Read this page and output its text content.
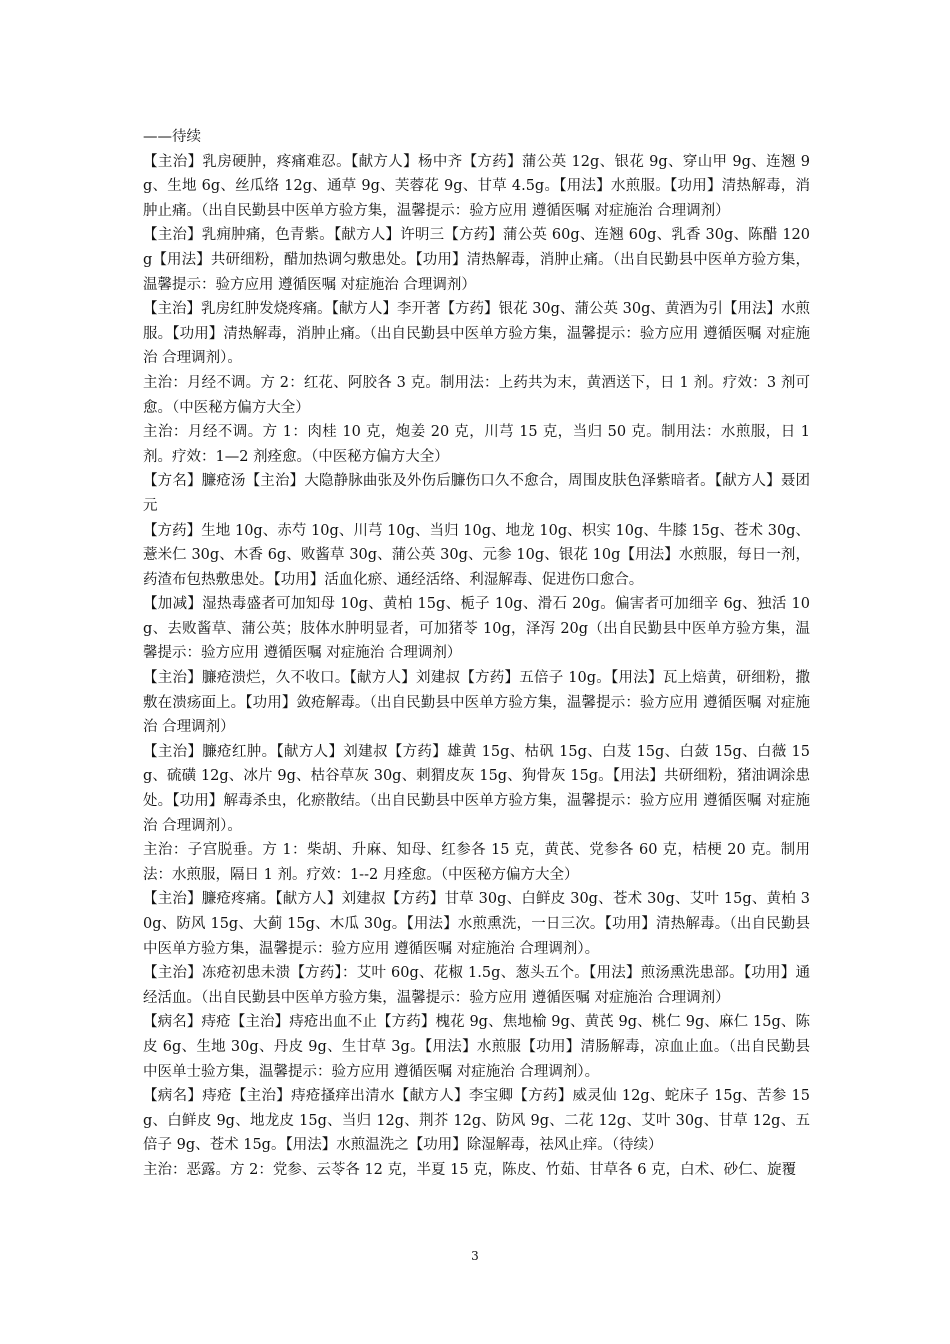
——待续

【主治】乳房硬肿，疼痛难忍。【献方人】杨中齐【方药】蒲公英 12g、银花 9g、穿山甲 9g、连翘 9g、生地 6g、丝瓜络 12g、通草 9g、芙蓉花 9g、甘草 4.5g。【用法】水煎服。【功用】清热解毒，消肿止痛。（出自民勤县中医单方验方集，温馨提示：验方应用 遵循医嘱 对症施治 合理调剂）

【主治】乳痈肿痛，色青紫。【献方人】许明三【方药】蒲公英 60g、连翘 60g、乳香 30g、陈醋 120g【用法】共研细粉，醋加热调匀敷患处。【功用】清热解毒，消肿止痛。（出自民勤县中医单方验方集，温馨提示：验方应用 遵循医嘱 对症施治 合理调剂）

【主治】乳房红肿发烧疼痛。【献方人】李开著【方药】银花 30g、蒲公英 30g、黄酒为引【用法】水煎服。【功用】清热解毒，消肿止痛。（出自民勤县中医单方验方集，温馨提示：验方应用 遵循医嘱 对症施治 合理调剂）。

主治：月经不调。方 2：红花、阿胶各 3 克。制用法：上药共为末，黄酒送下，日 1 剂。疗效：3 剂可愈。（中医秘方偏方大全）

主治：月经不调。方 1：肉桂 10 克，炮姜 20 克，川芎 15 克，当归 50 克。制用法：水煎服，日 1 剂。疗效：1—2 剂痊愈。（中医秘方偏方大全）

【方名】臁疮汤【主治】大隐静脉曲张及外伤后臁伤口久不愈合，周围皮肤色泽紫暗者。【献方人】聂团元

【方药】生地 10g、赤芍 10g、川芎 10g、当归 10g、地龙 10g、枳实 10g、牛膝 15g、苍术 30g、薏米仁 30g、木香 6g、败酱草 30g、蒲公英 30g、元参 10g、银花 10g【用法】水煎服，每日一剂，药渣布包热敷患处。【功用】活血化瘀、通经活络、利湿解毒、促进伤口愈合。

【加减】湿热毒盛者可加知母 10g、黄柏 15g、栀子 10g、滑石 20g。偏害者可加细辛 6g、独活 10g、去败酱草、蒲公英；肢体水肿明显者，可加猪苓 10g，泽泻 20g（出自民勤县中医单方验方集，温馨提示：验方应用 遵循医嘱 对症施治 合理调剂）

【主治】臁疮溃烂，久不收口。【献方人】刘建叔【方药】五倍子 10g。【用法】瓦上焙黄，研细粉，撒敷在溃疡面上。【功用】敛疮解毒。（出自民勤县中医单方验方集，温馨提示：验方应用 遵循医嘱 对症施治 合理调剂）

【主治】臁疮红肿。【献方人】刘建叔【方药】雄黄 15g、枯矾 15g、白芨 15g、白蔹 15g、白薇 15g、硫磺 12g、冰片 9g、枯谷草灰 30g、刺猬皮灰 15g、狗骨灰 15g。【用法】共研细粉，猪油调涂患处。【功用】解毒杀虫，化瘀散结。（出自民勤县中医单方验方集，温馨提示：验方应用 遵循医嘱 对症施治 合理调剂）。

主治：子宫脱垂。方 1：柴胡、升麻、知母、红参各 15 克，黄芪、党参各 60 克，桔梗 20 克。制用法：水煎服，隔日 1 剂。疗效：1--2 月痊愈。（中医秘方偏方大全）

【主治】臁疮疼痛。【献方人】刘建叔【方药】甘草 30g、白鲜皮 30g、苍术 30g、艾叶 15g、黄柏 30g、防风 15g、大蓟 15g、木瓜 30g。【用法】水煎熏洗，一日三次。【功用】清热解毒。（出自民勤县中医单方验方集，温馨提示：验方应用 遵循医嘱 对症施治 合理调剂）。

【主治】冻疮初患未溃【方药】：艾叶 60g、花椒 1.5g、葱头五个。【用法】煎汤熏洗患部。【功用】通经活血。（出自民勤县中医单方验方集，温馨提示：验方应用 遵循医嘱 对症施治 合理调剂）

【病名】痔疮【主治】痔疮出血不止【方药】槐花 9g、焦地榆 9g、黄芪 9g、桃仁 9g、麻仁 15g、陈皮 6g、生地 30g、丹皮 9g、生甘草 3g。【用法】水煎服【功用】清肠解毒，凉血止血。（出自民勤县中医单士验方集，温馨提示：验方应用 遵循医嘱 对症施治 合理调剂）。

【病名】痔疮【主治】痔疮搔痒出清水【献方人】李宝卿【方药】威灵仙 12g、蛇床子 15g、苦参 15g、白鲜皮 9g、地龙皮 15g、当归 12g、荆芥 12g、防风 9g、二花 12g、艾叶 30g、甘草 12g、五倍子 9g、苍术 15g。【用法】水煎温洗之【功用】除湿解毒，祛风止痒。（待续）

主治：恶露。方 2：党参、云苓各 12 克，半夏 15 克，陈皮、竹茹、甘草各 6 克，白术、砂仁、旋覆

3
